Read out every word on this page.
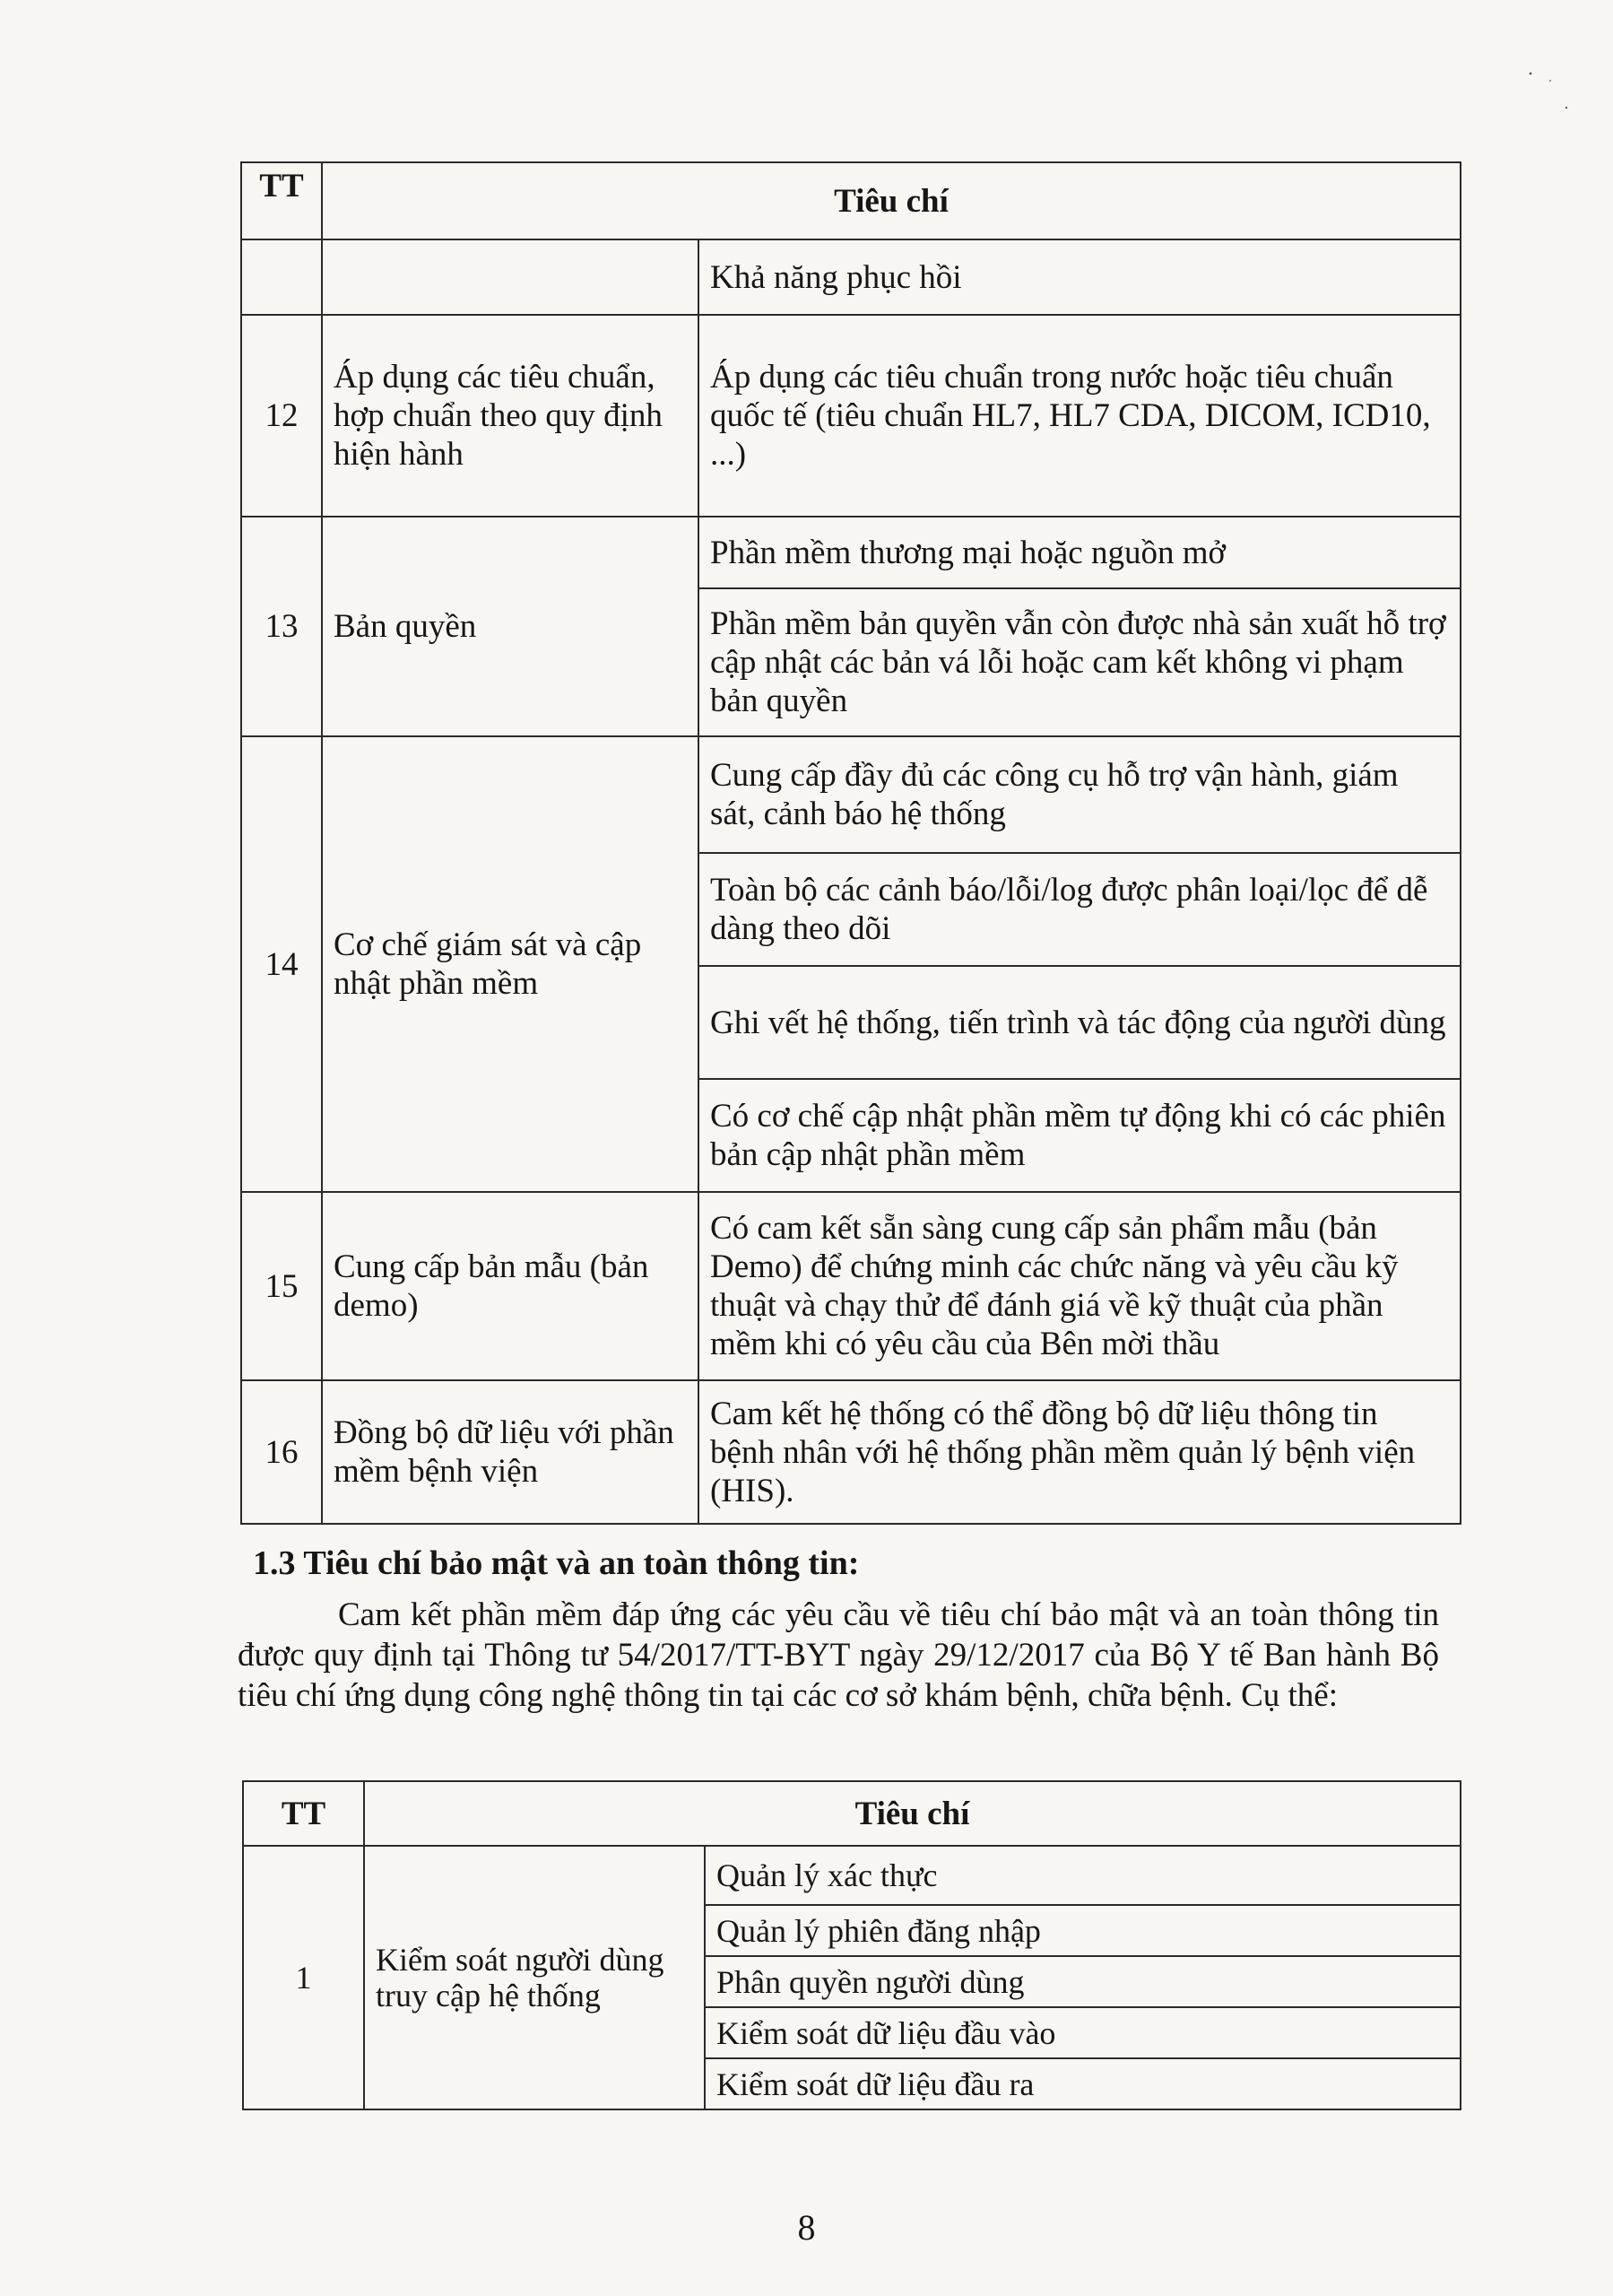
TT	Tiêu chí	
		Khả năng phục hồi
12	Áp dụng các tiêu chuẩn, hợp chuẩn theo quy định hiện hành	Áp dụng các tiêu chuẩn trong nước hoặc tiêu chuẩn quốc tế (tiêu chuẩn HL7, HL7 CDA, DICOM, ICD10, ...)
13	Bản quyền	Phần mềm thương mại hoặc nguồn mở
		Phần mềm bản quyền vẫn còn được nhà sản xuất hỗ trợ cập nhật các bản vá lỗi hoặc cam kết không vi phạm bản quyền
14	Cơ chế giám sát và cập nhật phần mềm	Cung cấp đầy đủ các công cụ hỗ trợ vận hành, giám sát, cảnh báo hệ thống
		Toàn bộ các cảnh báo/lỗi/log được phân loại/lọc để dễ dàng theo dõi
		Ghi vết hệ thống, tiến trình và tác động của người dùng
		Có cơ chế cập nhật phần mềm tự động khi có các phiên bản cập nhật phần mềm
15	Cung cấp bản mẫu (bản demo)	Có cam kết sẵn sàng cung cấp sản phẩm mẫu (bản Demo) để chứng minh các chức năng và yêu cầu kỹ thuật và chạy thử để đánh giá về kỹ thuật của phần mềm khi có yêu cầu của Bên mời thầu
16	Đồng bộ dữ liệu với phần mềm bệnh viện	Cam kết hệ thống có thể đồng bộ dữ liệu thông tin bệnh nhân với hệ thống phần mềm quản lý bệnh viện (HIS).
1.3 Tiêu chí bảo mật và an toàn thông tin:
Cam kết phần mềm đáp ứng các yêu cầu về tiêu chí bảo mật và an toàn thông tin được quy định tại Thông tư 54/2017/TT-BYT ngày 29/12/2017 của Bộ Y tế Ban hành Bộ tiêu chí ứng dụng công nghệ thông tin tại các cơ sở khám bệnh, chữa bệnh. Cụ thể:
TT	Tiêu chí	
1	Kiểm soát người dùng truy cập hệ thống	Quản lý xác thực
		Quản lý phiên đăng nhập
		Phân quyền người dùng
		Kiểm soát dữ liệu đầu vào
		Kiểm soát dữ liệu đầu ra
8
